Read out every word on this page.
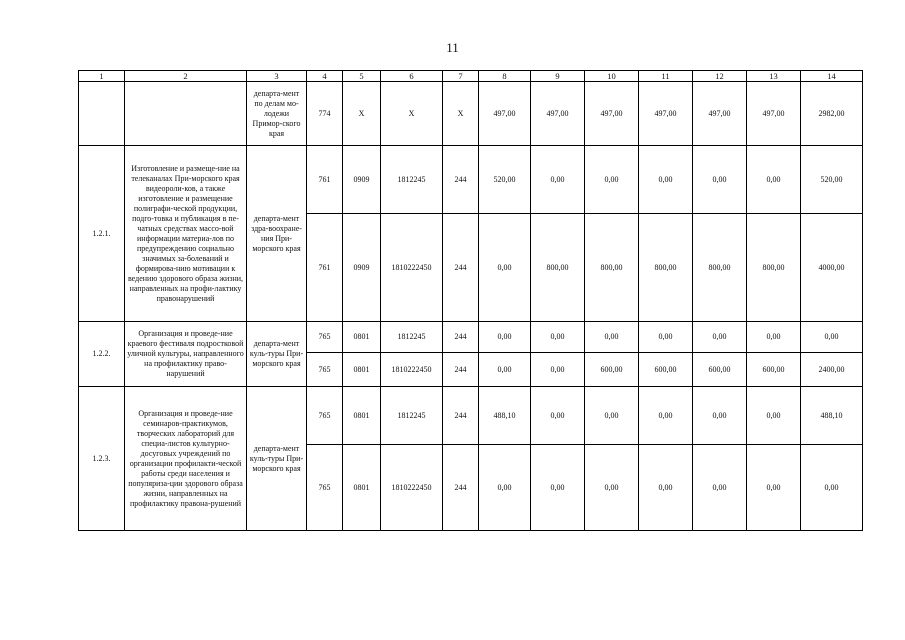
11
1	2	3	4	5	6	7	8	9	10	11	12	13	14
		департа-мент по делам мо-лодежи Примор-ского края	774	X	X	X	497,00	497,00	497,00	497,00	497,00	497,00	2982,00
1.2.1.	Изготовление и размеще-ние на телеканалах При-морского края видеороли-ков, а также изготовление и размещение полиграфи-ческой продукции, подго-товка и публикация в пе-чатных средствах массо-вой информации материа-лов по предупреждению социально значимых за-болеваний и формирова-нию мотивации к ведению здорового образа жизни, направленных на профи-лактику правонарушений	департа-мент здра-воохране-ния При-морского края	761	0909	1812245	244	520,00	0,00	0,00	0,00	0,00	0,00	520,00
			761	0909	1810222450	244	0,00	800,00	800,00	800,00	800,00	800,00	4000,00
1.2.2.	Организация и проведе-ние краевого фестиваля подростковой уличной культуры, направленного на профилактику право-нарушений	департа-мент куль-туры При-морского края	765	0801	1812245	244	0,00	0,00	0,00	0,00	0,00	0,00	0,00
			765	0801	1810222450	244	0,00	0,00	600,00	600,00	600,00	600,00	2400,00
1.2.3.	Организация и проведе-ние семинаров-практикумов, творческих лабораторий для специа-листов культурно-досуговых учреждений по организации профилакти-ческой работы среди населения и популяриза-ции здорового образа жизни, направленных на профилактику правона-рушений	департа-мент куль-туры При-морского края	765	0801	1812245	244	488,10	0,00	0,00	0,00	0,00	0,00	488,10
			765	0801	1810222450	244	0,00	0,00	0,00	0,00	0,00	0,00	0,00
